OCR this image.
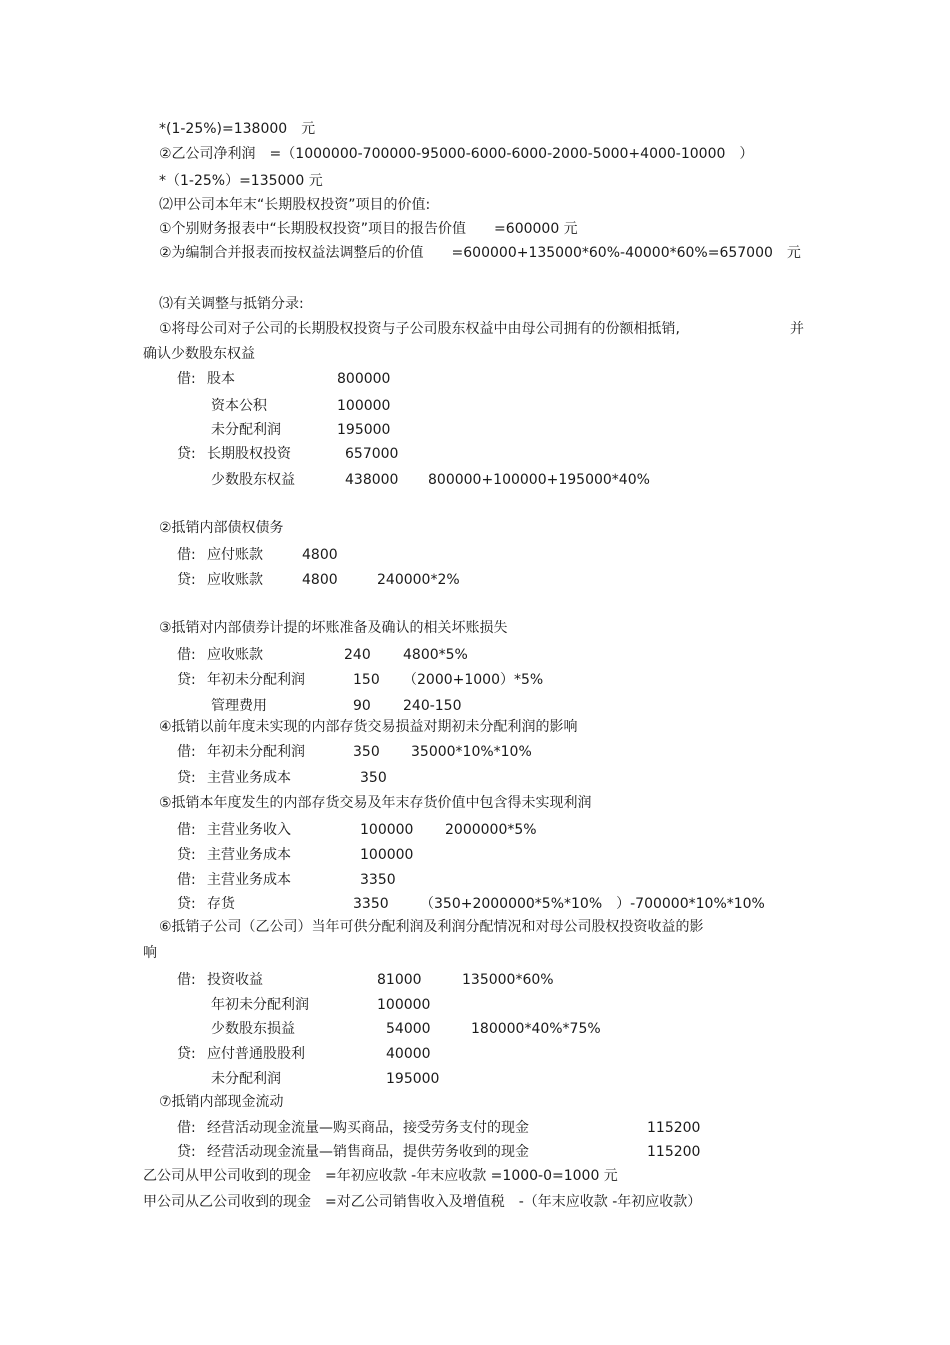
*(1-25%)=138000　元
②乙公司净利润　=（1000000-700000-95000-6000-6000-2000-5000+4000-10000　）
*（1-25%）=135000 元
⑵甲公司本年末“长期股权投资”项目的价值:
①个别财务报表中“长期股权投资”项目的报告价值　　=600000 元
②为编制合并报表而按权益法调整后的价值　　=600000+135000*60%-40000*60%=657000　元
⑶有关调整与抵销分录:
①将母公司对子公司的长期股权投资与子公司股东权益中由母公司拥有的份额相抵销,	并
确认少数股东权益
借: 股本	800000
资本公积	100000
未分配利润	195000
贷: 长期股权投资	657000
少数股东权益	438000 800000+100000+195000*40%
②抵销内部债权债务
借: 应付账款	4800
贷: 应收账款	4800	240000*2%
③抵销对内部债券计提的坏账准备及确认的相关坏账损失
借: 应收账款	240 4800*5%
贷: 年初未分配利润	150 （2000+1000）*5%
管理费用	90 240-150
④抵销以前年度未实现的内部存货交易损益对期初未分配利润的影响
借: 年初未分配利润	350 35000*10%*10%
贷: 主营业务成本	350
⑤抵销本年度发生的内部存货交易及年末存货价值中包含得未实现利润
借: 主营业务收入	100000 2000000*5%
贷: 主营业务成本	100000
借: 主营业务成本	3350
贷: 存货	3350 （350+2000000*5%*10%　）-700000*10%*10%
⑥抵销子公司（乙公司）当年可供分配利润及利润分配情况和对母公司股权投资收益的影
响
借: 投资收益	81000	135000*60%
年初未分配利润	100000
少数股东损益	54000	180000*40%*75%
贷: 应付普通股股利	40000
未分配利润	195000
⑦抵销内部现金流动
借: 经营活动现金流量—购买商品，接受劳务支付的现金	115200
贷: 经营活动现金流量—销售商品，提供劳务收到的现金	115200
乙公司从甲公司收到的现金　=年初应收款 -年末应收款 =1000-0=1000 元
甲公司从乙公司收到的现金　=对乙公司销售收入及增值税　-（年末应收款 -年初应收款）
